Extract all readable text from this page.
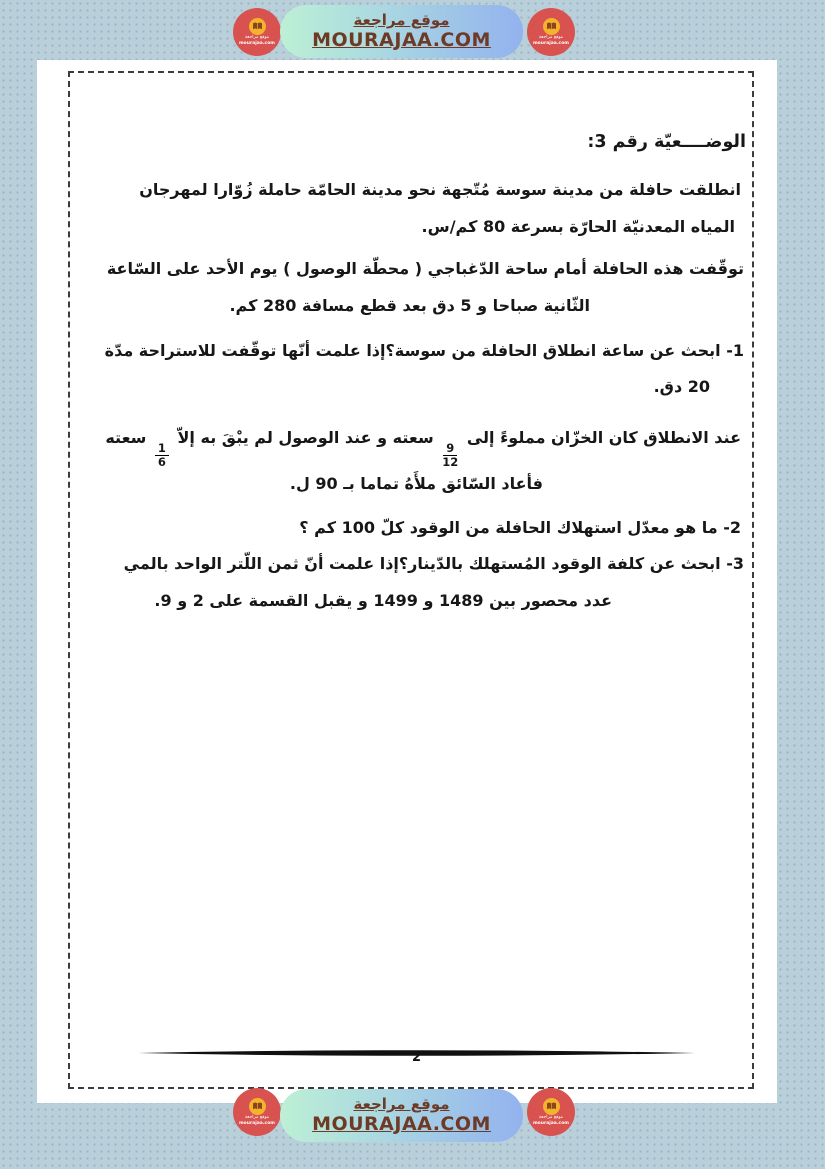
موقع مراجعة
mourajaa.com
موقع مراجعة
MOURAJAA.COM	موقع مراجعة
mourajaa.com
الوضــــعيّة رقم 3:
انطلقت حافلة من مدينة سوسة مُتّجهة نحو مدينة الحامّة حاملة زُوّارا لمهرجان
المياه المعدنيّة الحارّة بسرعة 80 كم/س.
توقّفت هذه الحافلة أمام ساحة الدّغباجي ( محطّة الوصول ) يوم الأحد على السّاعة
الثّانية صباحا و 5 دق بعد قطع مسافة 280 كم.
1- ابحث عن ساعة انطلاق الحافلة من سوسة؟إذا علمت أنّها توقّفت للاستراحة مدّة
20 دق.
عند الانطلاق كان الخزّان مملوءً إلى
$\frac{9}{12}$
سعته و عند الوصول لم يبْقَ به إلاّ
$\frac{1}{6}$
سعته
فأعاد السّائق ملأَهُ تماما بـ 90 ل.
2- ما هو معدّل استهلاك الحافلة من الوقود كلّ 100 كم ؟
3- ابحث عن كلفة الوقود المُستهلك بالدّينار؟إذا علمت أنّ ثمن اللّتر الواحد بالمي
عدد محصور بين 1489 و 1499 و يقبل القسمة على 2 و 9.
2
موقع مراجعة
mourajaa.com
موقع مراجعة
MOURAJAA.COM	موقع مراجعة
mourajaa.com
